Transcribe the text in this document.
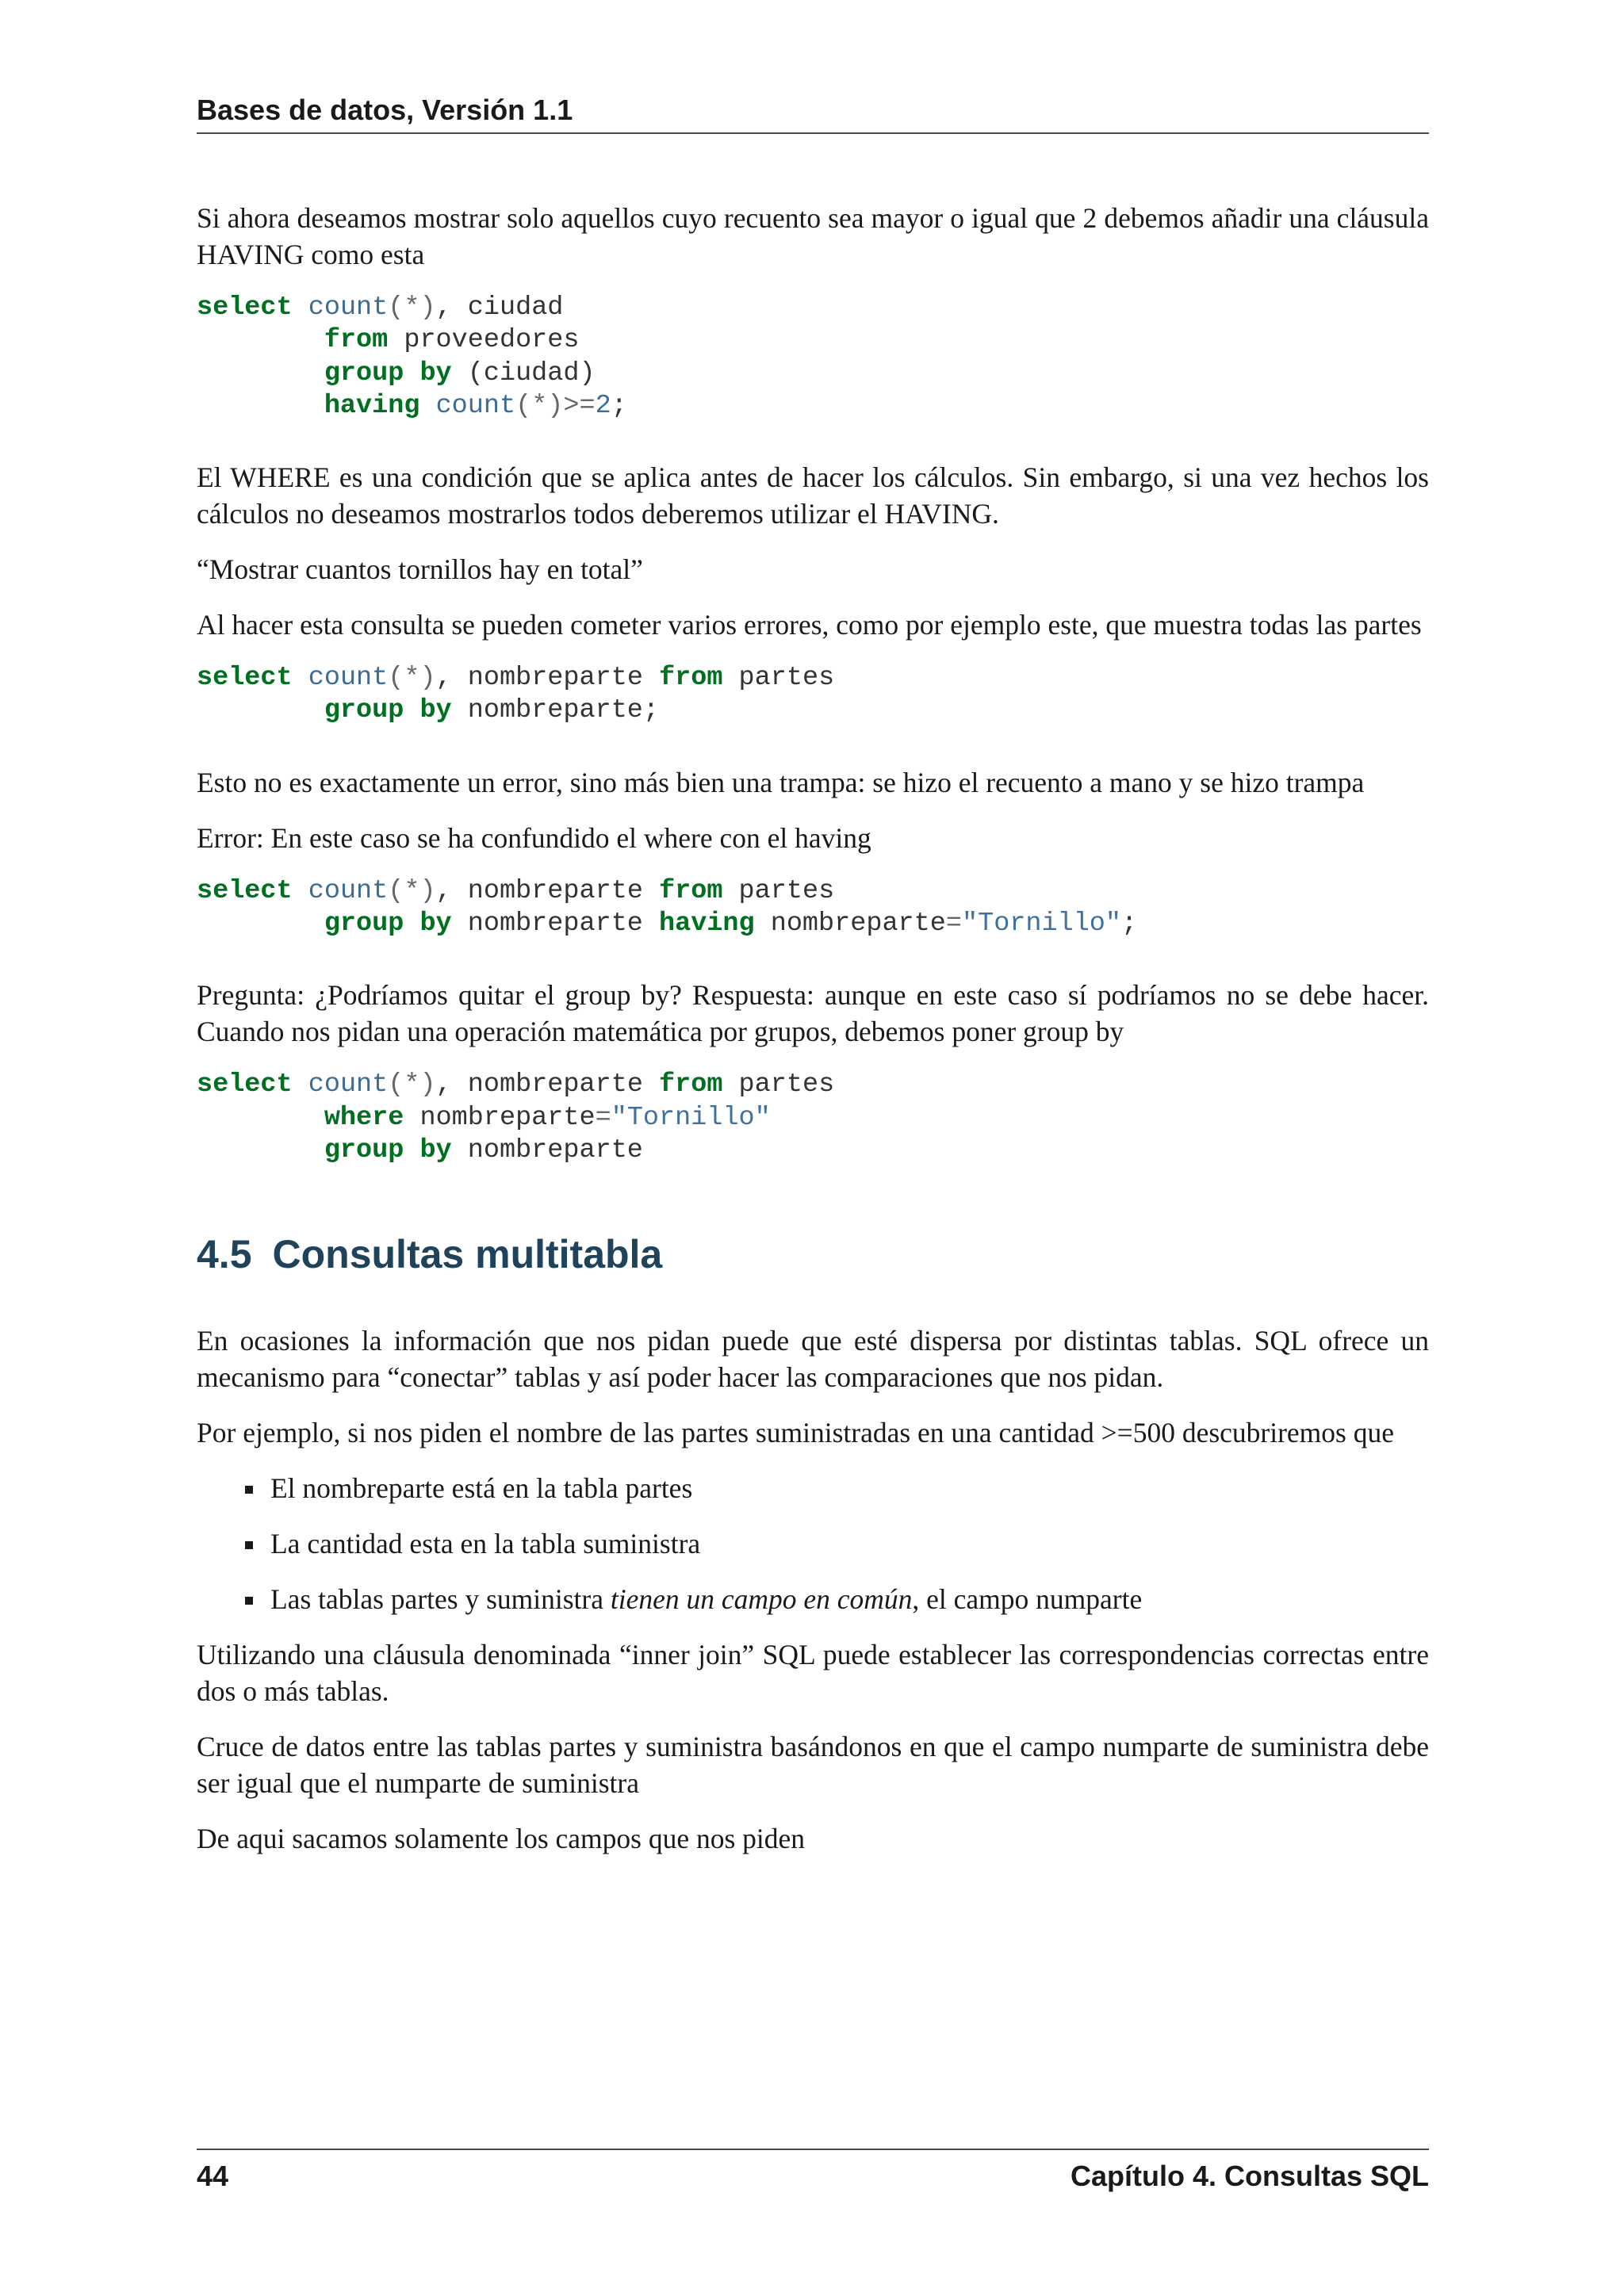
Bases de datos, Versión 1.1

Si ahora deseamos mostrar solo aquellos cuyo recuento sea mayor o igual que 2 debemos añadir una cláusula HAVING como esta

select count(*), ciudad
from proveedores
group by (ciudad)
having count(*)>=2;

El WHERE es una condición que se aplica antes de hacer los cálculos. Sin embargo, si una vez hechos los cálculos no deseamos mostrarlos todos deberemos utilizar el HAVING.

“Mostrar cuantos tornillos hay en total”

Al hacer esta consulta se pueden cometer varios errores, como por ejemplo este, que muestra todas las partes

select count(*), nombreparte from partes
group by nombreparte;

Esto no es exactamente un error, sino más bien una trampa: se hizo el recuento a mano y se hizo trampa

Error: En este caso se ha confundido el where con el having

select count(*), nombreparte from partes
group by nombreparte having nombreparte="Tornillo";

Pregunta: ¿Podríamos quitar el group by? Respuesta: aunque en este caso sí podríamos no se debe hacer. Cuando nos pidan una operación matemática por grupos, debemos poner group by

select count(*), nombreparte from partes
where nombreparte="Tornillo"
group by nombreparte
4.5 Consultas multitabla

En ocasiones la información que nos pidan puede que esté dispersa por distintas tablas. SQL ofrece un mecanismo para “conectar” tablas y así poder hacer las comparaciones que nos pidan.

Por ejemplo, si nos piden el nombre de las partes suministradas en una cantidad >=500 descubriremos que

El nombreparte está en la tabla partes
La cantidad esta en la tabla suministra
Las tablas partes y suministra tienen un campo en común, el campo numparte

Utilizando una cláusula denominada “inner join” SQL puede establecer las correspondencias correctas entre dos o más tablas.

Cruce de datos entre las tablas partes y suministra basándonos en que el campo numparte de suministra debe ser igual que el numparte de suministra

De aqui sacamos solamente los campos que nos piden

44	Capítulo 4. Consultas SQL
